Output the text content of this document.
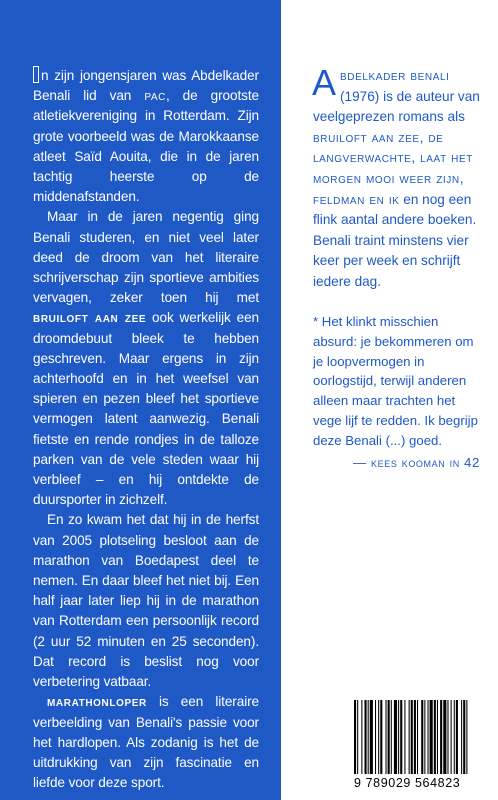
n zijn jongensjaren was Abdelkader Benali lid van pac, de grootste atletiekvereniging in Rotterdam. Zijn grote voorbeeld was de Marokkaanse atleet Saïd Aouita, die in de jaren tachtig heerste op de middenafstanden.

Maar in de jaren negentig ging Benali studeren, en niet veel later deed de droom van het literaire schrijverschap zijn sportieve ambities vervagen, zeker toen hij met bruiloft aan zee ook werkelijk een droomdebuut bleek te hebben geschreven. Maar ergens in zijn achterhoofd en in het weefsel van spieren en pezen bleef het sportieve vermogen latent aanwezig. Benali fietste en rende rondjes in de talloze parken van de vele steden waar hij verbleef – en hij ontdekte de duursporter in zichzelf.

En zo kwam het dat hij in de herfst van 2005 plotseling besloot aan de marathon van Boedapest deel te nemen. En daar bleef het niet bij. Een half jaar later liep hij in de marathon van Rotterdam een persoonlijk record (2 uur 52 minuten en 25 seconden). Dat record is beslist nog voor verbetering vatbaar.

marathonloper is een literaire verbeelding van Benali's passie voor het hardlopen. Als zodanig is het de uitdrukking van zijn fascinatie en liefde voor deze sport.

Abdelkader benali (1976) is de auteur van veelgeprezen romans als bruiloft aan zee, de langverwachte, laat het morgen mooi weer zijn, feldman en ik en nog een flink aantal andere boeken. Benali traint minstens vier keer per week en schrijft iedere dag.

* Het klinkt misschien absurd: je bekommeren om je loopvermogen in oorlogstijd, terwijl anderen alleen maar trachten het vege lijf te redden. Ik begrijp deze Benali (...) goed.

— kees kooman in 42

9 789029 564823
